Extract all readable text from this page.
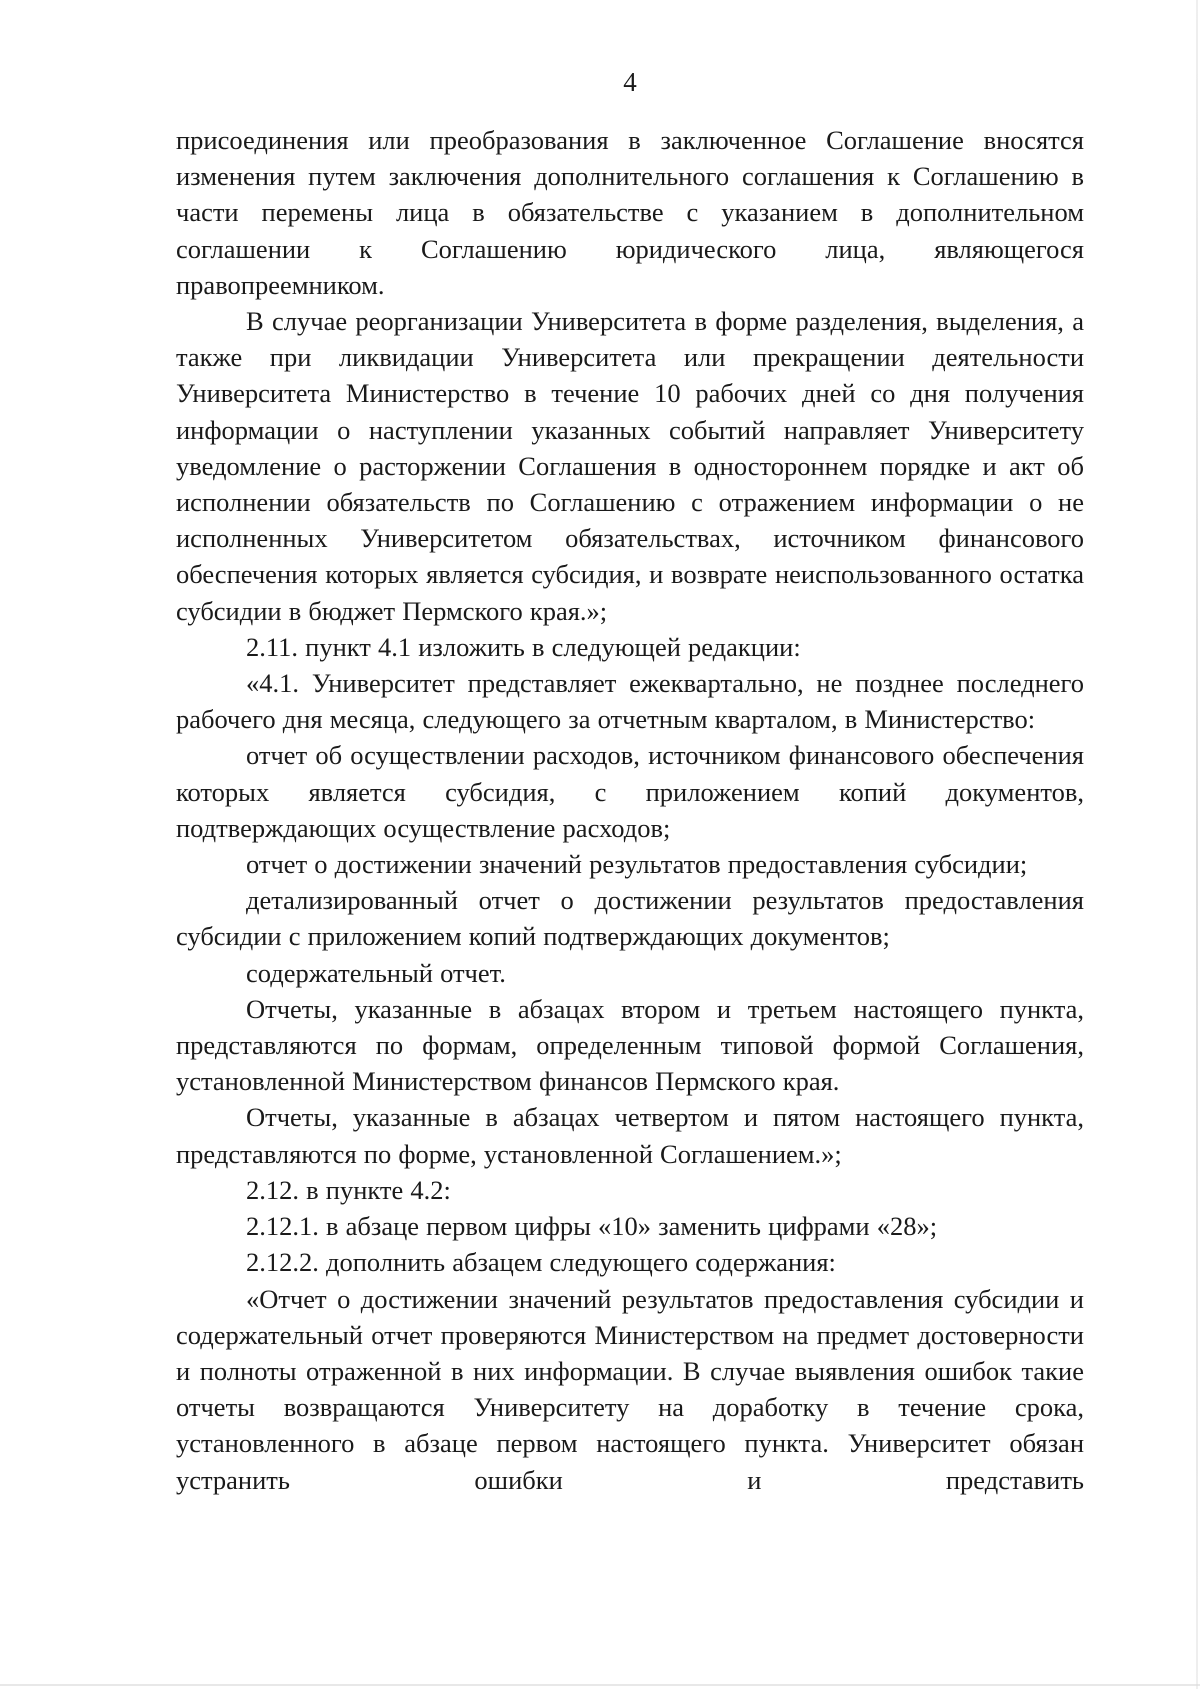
4

присоединения или преобразования в заключенное Соглашение вносятся изменения путем заключения дополнительного соглашения к Соглашению в части перемены лица в обязательстве с указанием в дополнительном соглашении к Соглашению юридического лица, являющегося правопреемником.

В случае реорганизации Университета в форме разделения, выделения, а также при ликвидации Университета или прекращении деятельности Университета Министерство в течение 10 рабочих дней со дня получения информации о наступлении указанных событий направляет Университету уведомление о расторжении Соглашения в одностороннем порядке и акт об исполнении обязательств по Соглашению с отражением информации о не исполненных Университетом обязательствах, источником финансового обеспечения которых является субсидия, и возврате неиспользованного остатка субсидии в бюджет Пермского края.»;

2.11. пункт 4.1 изложить в следующей редакции:

«4.1. Университет представляет ежеквартально, не позднее последнего рабочего дня месяца, следующего за отчетным кварталом, в Министерство:

отчет об осуществлении расходов, источником финансового обеспечения которых является субсидия, с приложением копий документов, подтверждающих осуществление расходов;

отчет о достижении значений результатов предоставления субсидии;

детализированный отчет о достижении результатов предоставления субсидии с приложением копий подтверждающих документов;

содержательный отчет.

Отчеты, указанные в абзацах втором и третьем настоящего пункта, представляются по формам, определенным типовой формой Соглашения, установленной Министерством финансов Пермского края.

Отчеты, указанные в абзацах четвертом и пятом настоящего пункта, представляются по форме, установленной Соглашением.»;

2.12. в пункте 4.2:

2.12.1. в абзаце первом цифры «10» заменить цифрами «28»;

2.12.2. дополнить абзацем следующего содержания:

«Отчет о достижении значений результатов предоставления субсидии и содержательный отчет проверяются Министерством на предмет достоверности и полноты отраженной в них информации. В случае выявления ошибок такие отчеты возвращаются Университету на доработку в течение срока, установленного в абзаце первом настоящего пункта. Университет обязан устранить ошибки и представить
